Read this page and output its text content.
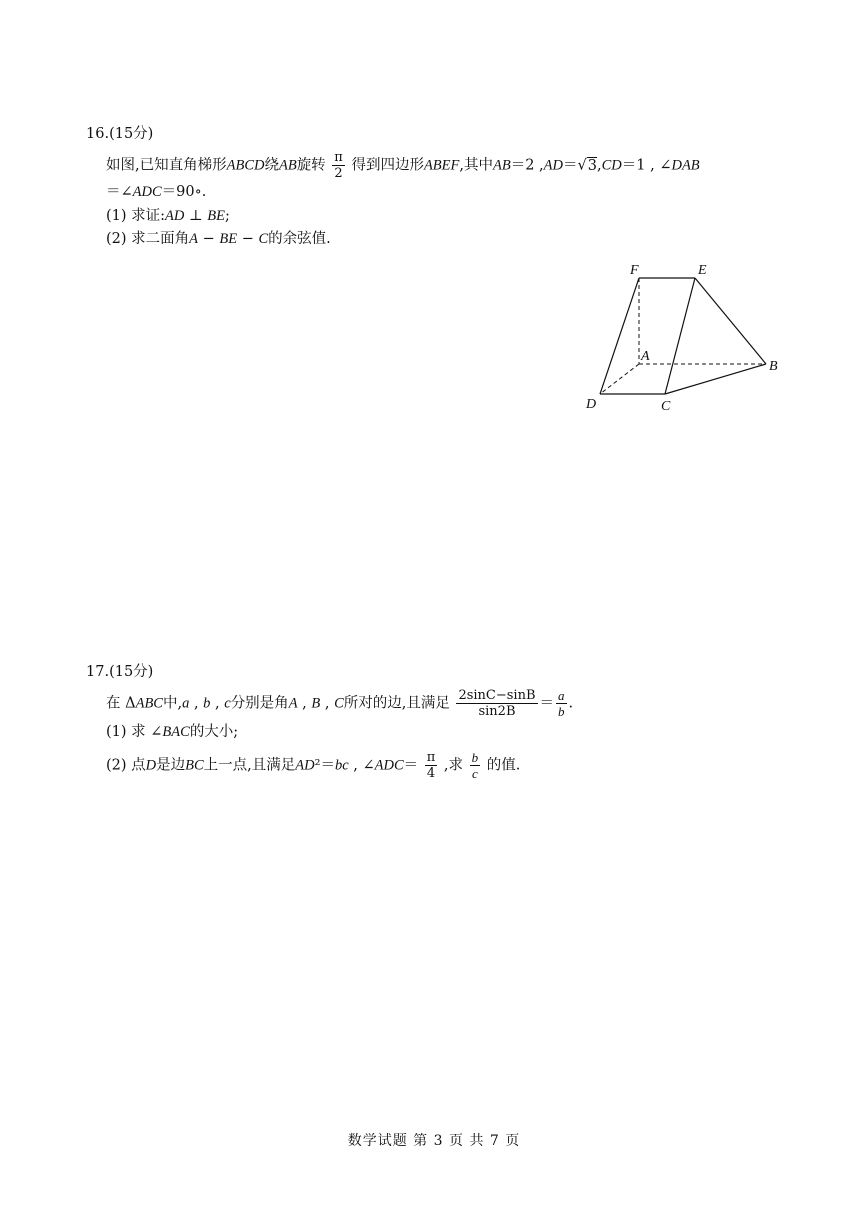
16.(15分)
如图,已知直角梯形ABCD绕AB旋转 $\frac{\pi}{2}$ 得到四边形ABEF,其中AB＝2 ,AD＝√3,CD＝1 , ∠DAB
＝∠ADC＝90∘.
(1) 求证:AD ⊥ BE;
(2) 求二面角A − BE − C的余弦值.
F	E
A
B
D	C
17.(15分)
在 ΔABC中,a , b , c分别是角A , B , C所对的边,且满足 $\frac{2\sin C-\sin B}{\sin 2B} = \frac{a}{b}$ .
(1) 求 ∠BAC的大小;
(2) 点D是边BC上一点,且满足AD²＝bc , ∠ADC＝ $\frac{\pi}{4}$ ,求 $\frac{b}{c}$ 的值.
数学试题 第 3 页 共 7 页
